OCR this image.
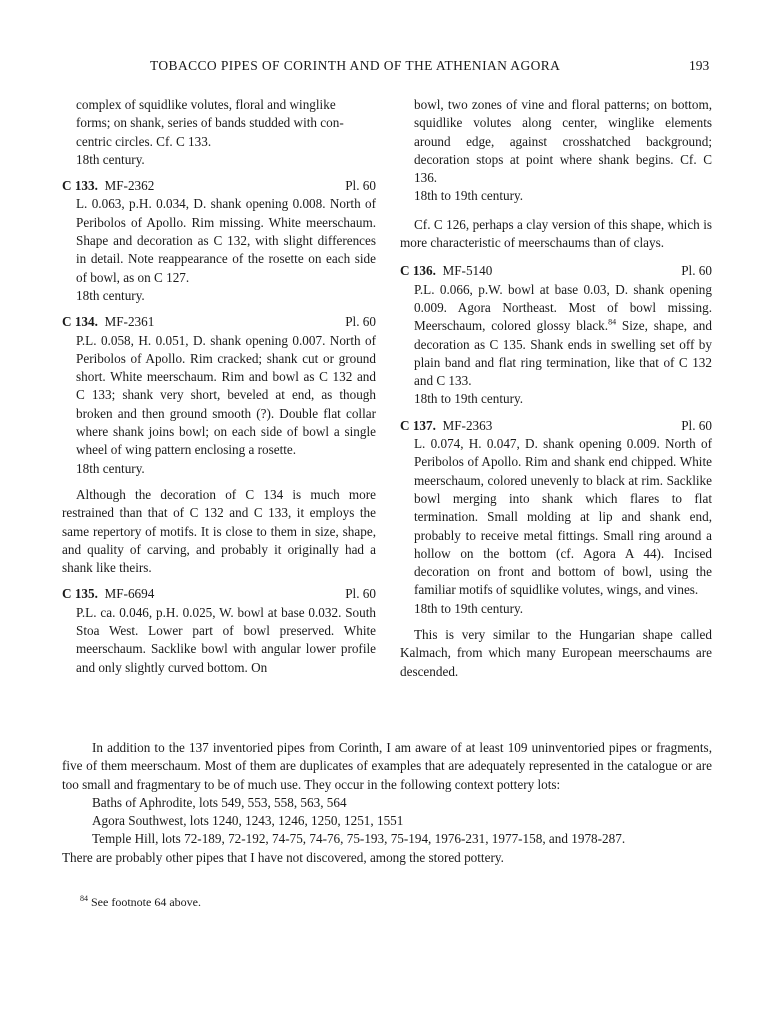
TOBACCO PIPES OF CORINTH AND OF THE ATHENIAN AGORA	193
complex of squidlike volutes, floral and winglike
forms; on shank, series of bands studded with con-
centric circles. Cf. C 133.
18th century.
C 133. MF-2362	Pl. 60

L. 0.063, p.H. 0.034, D. shank opening 0.008. North of Peribolos of Apollo. Rim missing. White meerschaum. Shape and decoration as C 132, with slight differences in detail. Note reappearance of the rosette on each side of bowl, as on C 127.

18th century.

C 134. MF-2361	Pl. 60

P.L. 0.058, H. 0.051, D. shank opening 0.007. North of Peribolos of Apollo. Rim cracked; shank cut or ground short. White meerschaum. Rim and bowl as C 132 and C 133; shank very short, beveled at end, as though broken and then ground smooth (?). Double flat collar where shank joins bowl; on each side of bowl a single wheel of wing pattern enclosing a rosette.

18th century.

Although the decoration of C 134 is much more restrained than that of C 132 and C 133, it employs the same repertory of motifs. It is close to them in size, shape, and quality of carving, and probably it originally had a shank like theirs.

C 135. MF-6694	Pl. 60

P.L. ca. 0.046, p.H. 0.025, W. bowl at base 0.032. South Stoa West. Lower part of bowl preserved. White meerschaum. Sacklike bowl with angular lower profile and only slightly curved bottom. On

bowl, two zones of vine and floral patterns; on bottom, squidlike volutes along center, winglike elements around edge, against crosshatched background; decoration stops at point where shank begins. Cf. C 136.

18th to 19th century.

Cf. C 126, perhaps a clay version of this shape, which is more characteristic of meerschaums than of clays.

C 136. MF-5140	Pl. 60

P.L. 0.066, p.W. bowl at base 0.03, D. shank opening 0.009. Agora Northeast. Most of bowl missing. Meerschaum, colored glossy black.$^{84}$ Size, shape, and decoration as C 135. Shank ends in swelling set off by plain band and flat ring termination, like that of C 132 and C 133.

18th to 19th century.

C 137. MF-2363	Pl. 60

L. 0.074, H. 0.047, D. shank opening 0.009. North of Peribolos of Apollo. Rim and shank end chipped. White meerschaum, colored unevenly to black at rim. Sacklike bowl merging into shank which flares to flat termination. Small molding at lip and shank end, probably to receive metal fittings. Small ring around a hollow on the bottom (cf. Agora A 44). Incised decoration on front and bottom of bowl, using the familiar motifs of squidlike volutes, wings, and vines.

18th to 19th century.

This is very similar to the Hungarian shape called Kalmach, from which many European meerschaums are descended.

In addition to the 137 inventoried pipes from Corinth, I am aware of at least 109 uninventoried pipes or fragments, five of them meerschaum. Most of them are duplicates of examples that are adequately represented in the catalogue or are too small and fragmentary to be of much use. They occur in the following context pottery lots:

Baths of Aphrodite, lots 549, 553, 558, 563, 564

Agora Southwest, lots 1240, 1243, 1246, 1250, 1251, 1551

Temple Hill, lots 72-189, 72-192, 74-75, 74-76, 75-193, 75-194, 1976-231, 1977-158, and 1978-287.

There are probably other pipes that I have not discovered, among the stored pottery.

$^{84}$ See footnote 64 above.
